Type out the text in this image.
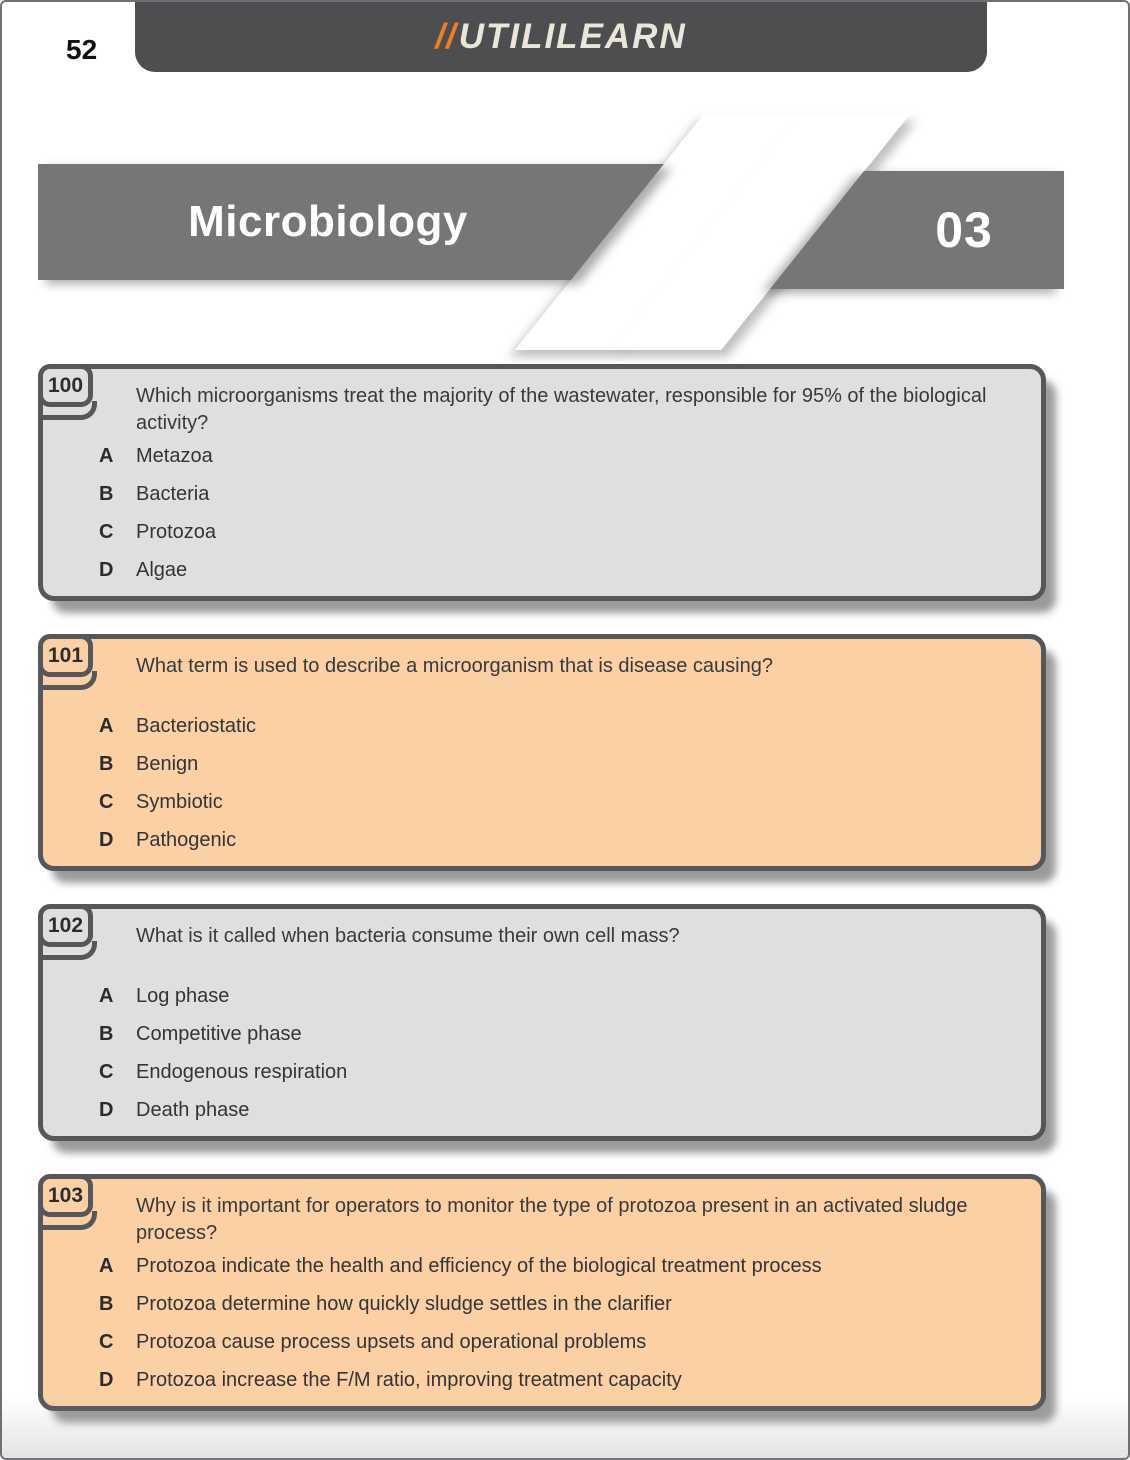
52	//UTILILEARN
Microbiology	03
100	Which microorganisms treat the majority of the wastewater, responsible for 95% of the biological activity?
A	Metazoa
B	Bacteria
C	Protozoa
D	Algae
101	What term is used to describe a microorganism that is disease causing?
A	Bacteriostatic
B	Benign
C	Symbiotic
D	Pathogenic
102	What is it called when bacteria consume their own cell mass?
A	Log phase
B	Competitive phase
C	Endogenous respiration
D	Death phase
103	Why is it important for operators to monitor the type of protozoa present in an activated sludge process?
A	Protozoa indicate the health and efficiency of the biological treatment process
B	Protozoa determine how quickly sludge settles in the clarifier
C	Protozoa cause process upsets and operational problems
D	Protozoa increase the F/M ratio, improving treatment capacity
